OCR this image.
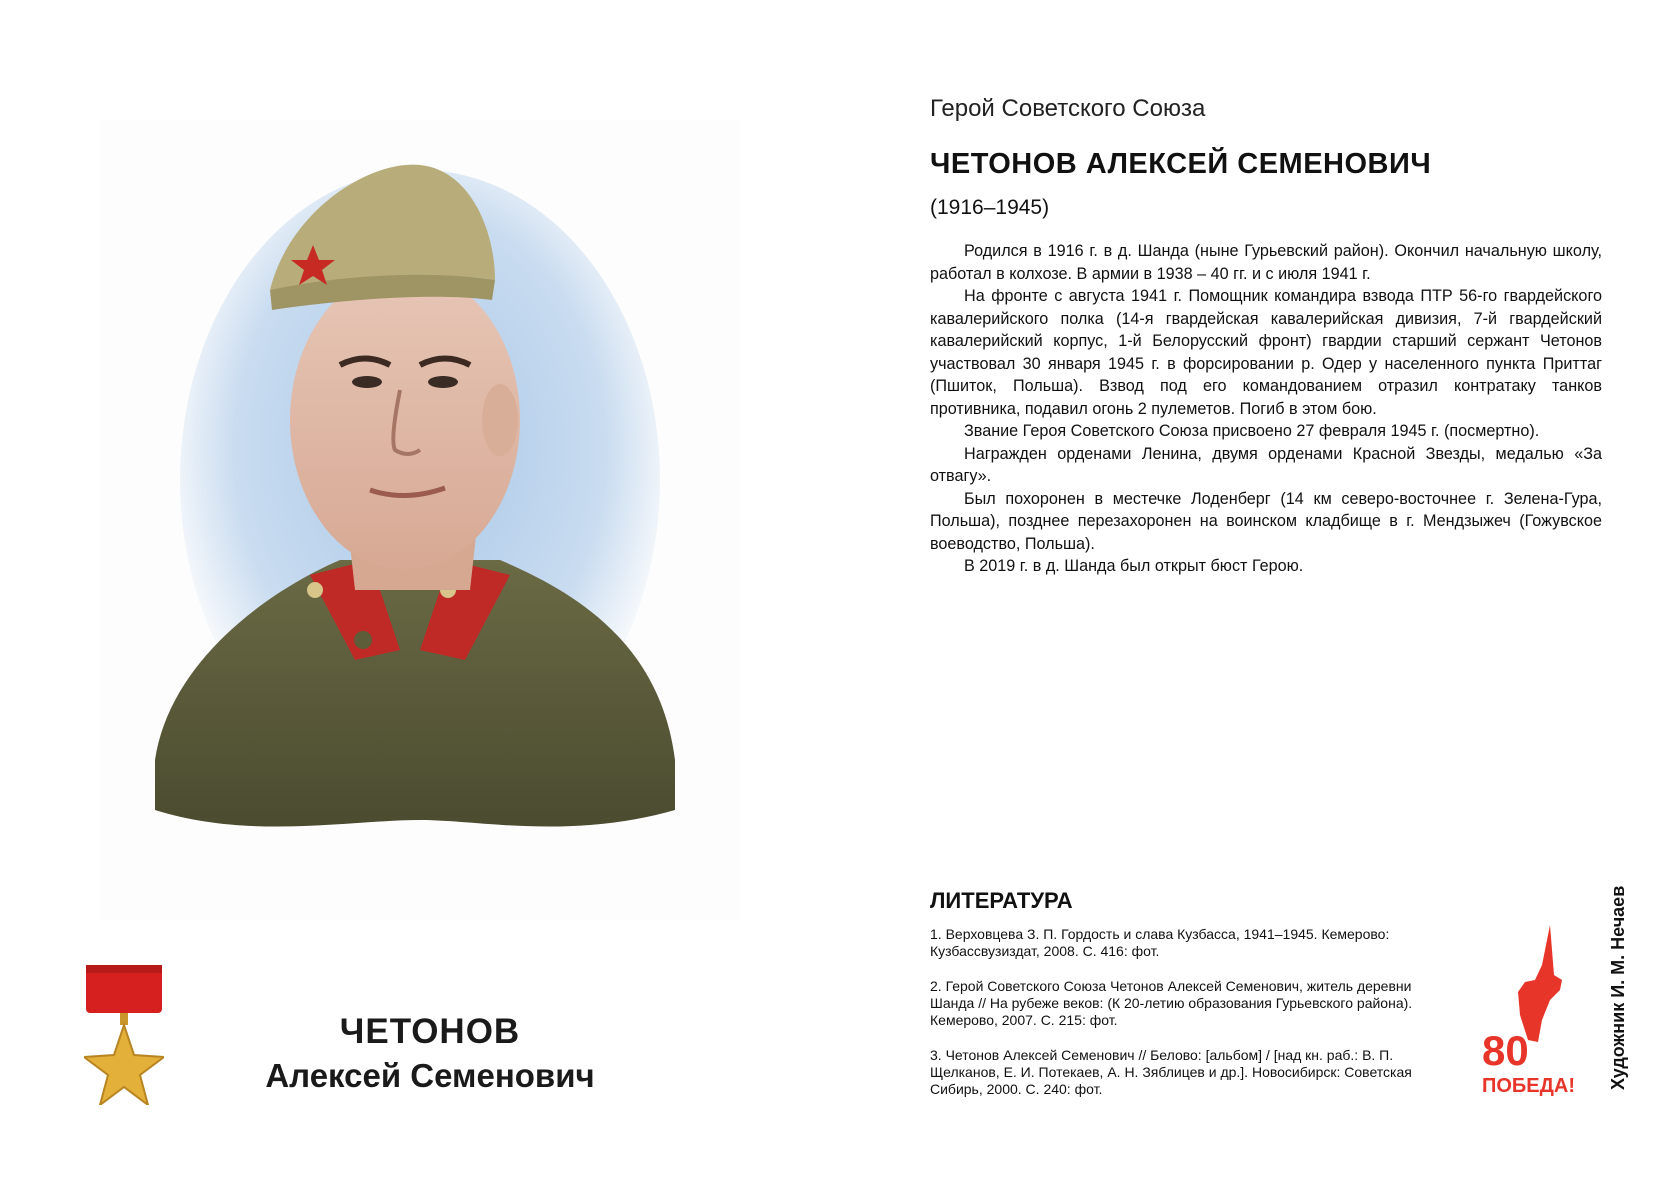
ЧЕТОНОВ
Алексей Семенович
Герой Советского Союза
ЧЕТОНОВ АЛЕКСЕЙ СЕМЕНОВИЧ
(1916–1945)

Родился в 1916 г. в д. Шанда (ныне Гурьевский район). Окончил начальную школу, работал в колхозе. В армии в 1938 – 40 гг. и с июля 1941 г.

На фронте с августа 1941 г. Помощник командира взвода ПТР 56-го гвардейского кавалерийского полка (14-я гвардейская кавалерийская дивизия, 7-й гвардейский кавалерийский корпус, 1-й Белорусский фронт) гвардии старший сержант Четонов участвовал 30 января 1945 г. в форсировании р. Одер у населенного пункта Приттаг (Пшиток, Польша). Взвод под его командованием отразил контратаку танков противника, подавил огонь 2 пулеметов. Погиб в этом бою.

Звание Героя Советского Союза присвоено 27 февраля 1945 г. (посмертно).

Награжден орденами Ленина, двумя орденами Красной Звезды, медалью «За отвагу».

Был похоронен в местечке Лоденберг (14 км северо-восточнее г. Зелена-Гура, Польша), позднее перезахоронен на воинском кладбище в г. Мендзыжеч (Гожувское воеводство, Польша).

В 2019 г. в д. Шанда был открыт бюст Герою.

ЛИТЕРАТУРА
1. Верховцева З. П. Гордость и слава Кузбасса, 1941–1945. Кемерово: Кузбассвузиздат, 2008. С. 416: фот.
2. Герой Советского Союза Четонов Алексей Семенович, житель деревни Шанда // На рубеже веков: (К 20-летию образования Гурьевского района). Кемерово, 2007. С. 215: фот.
3. Четонов Алексей Семенович // Белово: [альбом] / [над кн. раб.: В. П. Щелканов, Е. И. Потекаев, А. Н. Зяблицев и др.]. Новосибирск: Советская Сибирь, 2000. С. 240: фот.
80
ПОБЕДА! Художник И. М. Нечаев
